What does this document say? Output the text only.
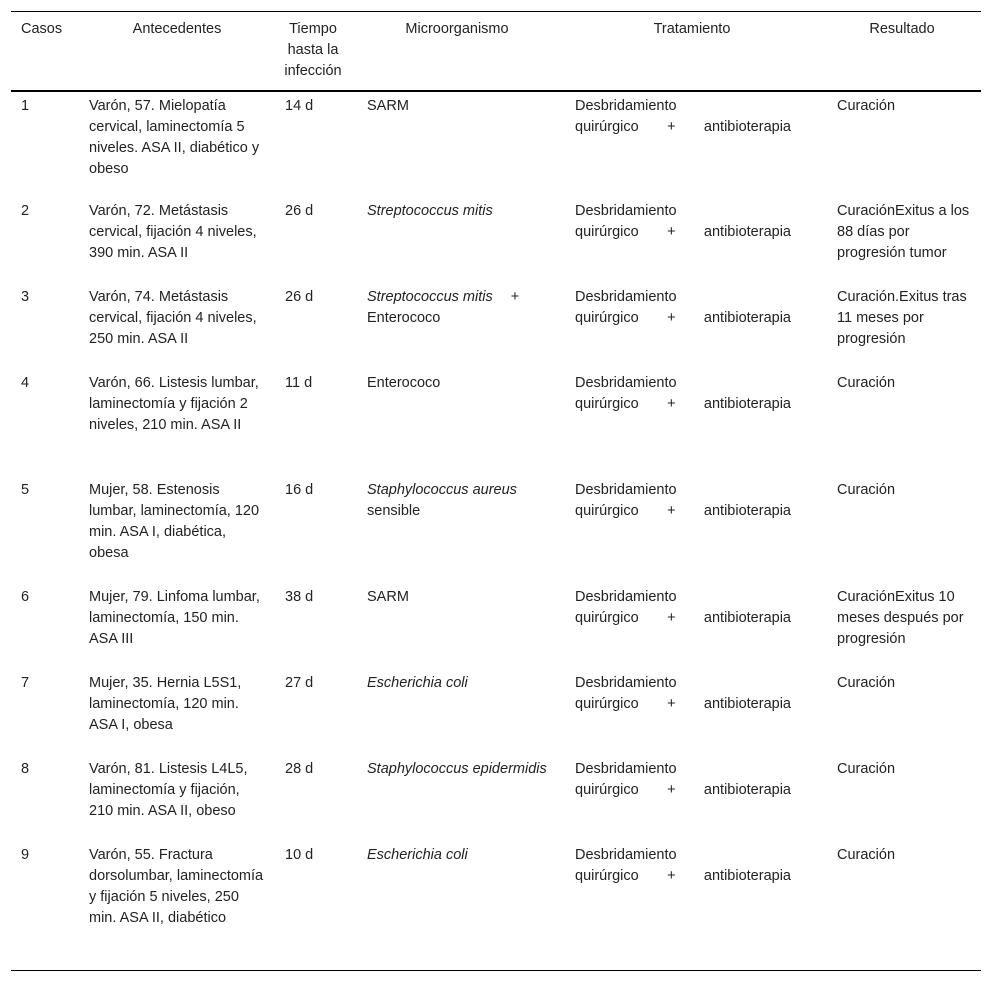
Casos	Antecedentes	Tiempo hasta la infección	Microorganismo	Tratamiento	Resultado
1	Varón, 57. Mielopatía cervical, laminectomía 5 niveles. ASA II, diabético y obeso	14 d	SARM	Desbridamiento
quirúrgico + antibioterapia	Curación
2	Varón, 72. Metástasis cervical, fijación 4 niveles, 390 min. ASA II	26 d	Streptococcus mitis	Desbridamiento
quirúrgico + antibioterapia	CuraciónExitus a los 88 días por progresión tumor
3	Varón, 74. Metástasis cervical, fijación 4 niveles, 250 min. ASA II	26 d	Streptococcus mitis + Enterococo	Desbridamiento
quirúrgico + antibioterapia	Curación.Exitus tras 11 meses por progresión
4	Varón, 66. Listesis lumbar, laminectomía y fijación 2 niveles, 210 min. ASA II	11 d	Enterococo	Desbridamiento
quirúrgico + antibioterapia	Curación
5	Mujer, 58. Estenosis lumbar, laminectomía, 120 min. ASA I, diabética, obesa	16 d	Staphylococcus aureus sensible	Desbridamiento
quirúrgico + antibioterapia	Curación
6	Mujer, 79. Linfoma lumbar, laminectomía, 150 min. ASA III	38 d	SARM	Desbridamiento
quirúrgico + antibioterapia	CuraciónExitus 10 meses después por progresión
7	Mujer, 35. Hernia L5S1, laminectomía, 120 min. ASA I, obesa	27 d	Escherichia coli	Desbridamiento
quirúrgico + antibioterapia	Curación
8	Varón, 81. Listesis L4L5, laminectomía y fijación, 210 min. ASA II, obeso	28 d	Staphylococcus epidermidis	Desbridamiento
quirúrgico + antibioterapia	Curación
9	Varón, 55. Fractura dorsolumbar, laminectomía y fijación 5 niveles, 250 min. ASA II, diabético	10 d	Escherichia coli	Desbridamiento
quirúrgico + antibioterapia	Curación
